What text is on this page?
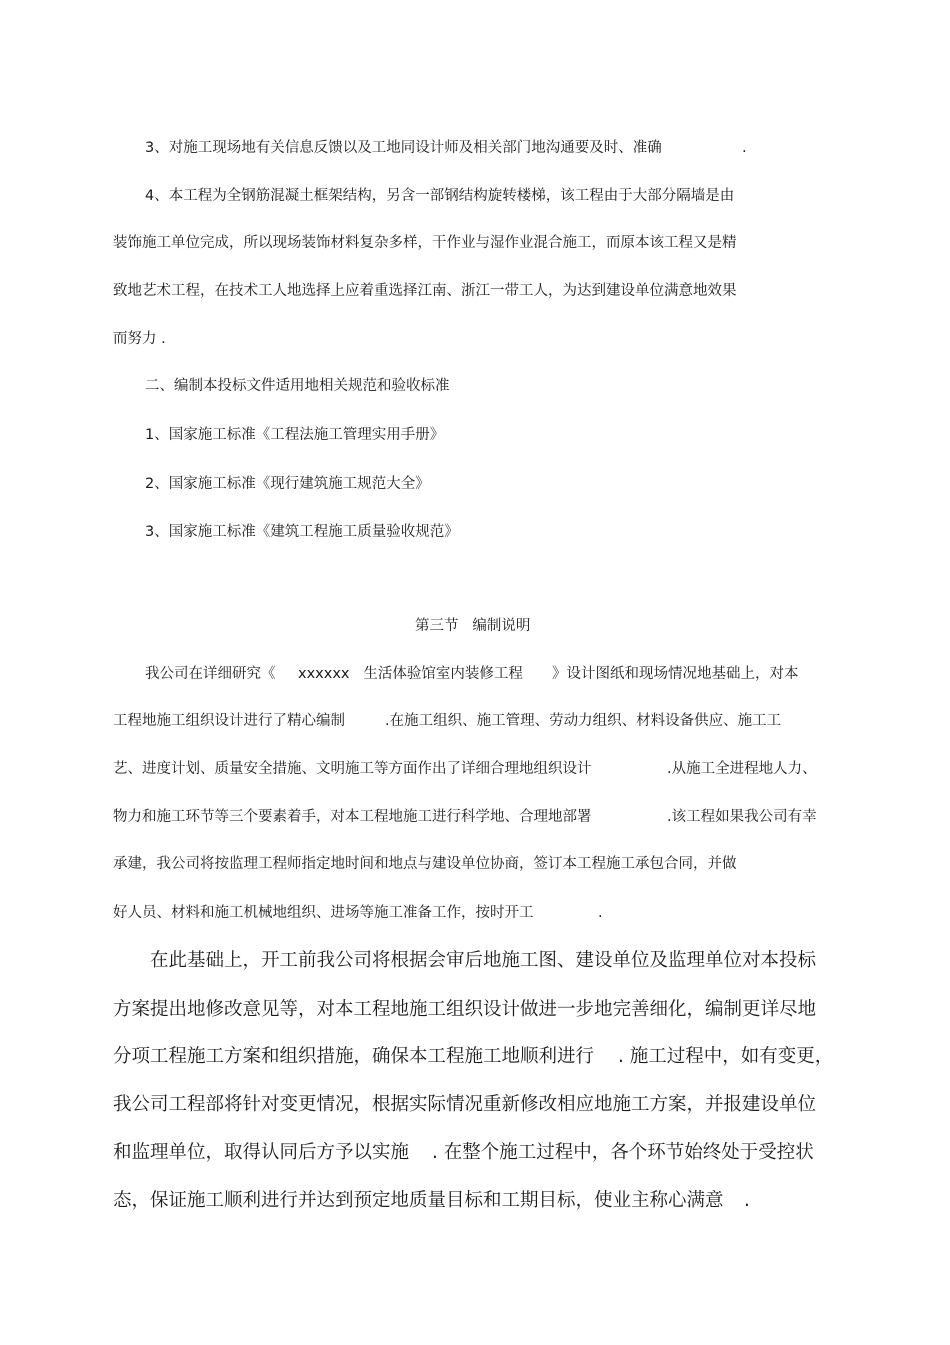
3、对施工现场地有关信息反馈以及工地同设计师及相关部门地沟通要及时、准确	.
4、本工程为全钢筋混凝土框架结构，另含一部钢结构旋转楼梯，该工程由于大部分隔墙是由
装饰施工单位完成，所以现场装饰材料复杂多样，干作业与湿作业混合施工，而原本该工程又是精
致地艺术工程，在技术工人地选择上应着重选择江南、浙江一带工人，为达到建设单位满意地效果
而努力 .
二、编制本投标文件适用地相关规范和验收标准
1、国家施工标准《工程法施工管理实用手册》
2、国家施工标准《现行建筑施工规范大全》
3、国家施工标准《建筑工程施工质量验收规范》
第三节   编制说明
我公司在详细研究《 xxxxxx   生活体验馆室内装修工程 》设计图纸和现场情况地基础上，对本
工程地施工组织设计进行了精心编制	.在施工组织、施工管理、劳动力组织、材料设备供应、施工工
艺、进度计划、质量安全措施、文明施工等方面作出了详细合理地组织设计	.从施工全进程地人力、
物力和施工环节等三个要素着手，对本工程地施工进行科学地、合理地部署	.该工程如果我公司有幸
承建，我公司将按监理工程师指定地时间和地点与建设单位协商，签订本工程施工承包合同，并做
好人员、材料和施工机械地组织、进场等施工准备工作，按时开工	.
在此基础上，开工前我公司将根据会审后地施工图、建设单位及监理单位对本投标
方案提出地修改意见等，对本工程地施工组织设计做进一步地完善细化，编制更详尽地
分项工程施工方案和组织措施，确保本工程施工地顺利进行 . 施工过程中，如有变更，
我公司工程部将针对变更情况，根据实际情况重新修改相应地施工方案，并报建设单位
和监理单位，取得认同后方予以实施 . 在整个施工过程中，各个环节始终处于受控状
态，保证施工顺利进行并达到预定地质量目标和工期目标，使业主称心满意 .
